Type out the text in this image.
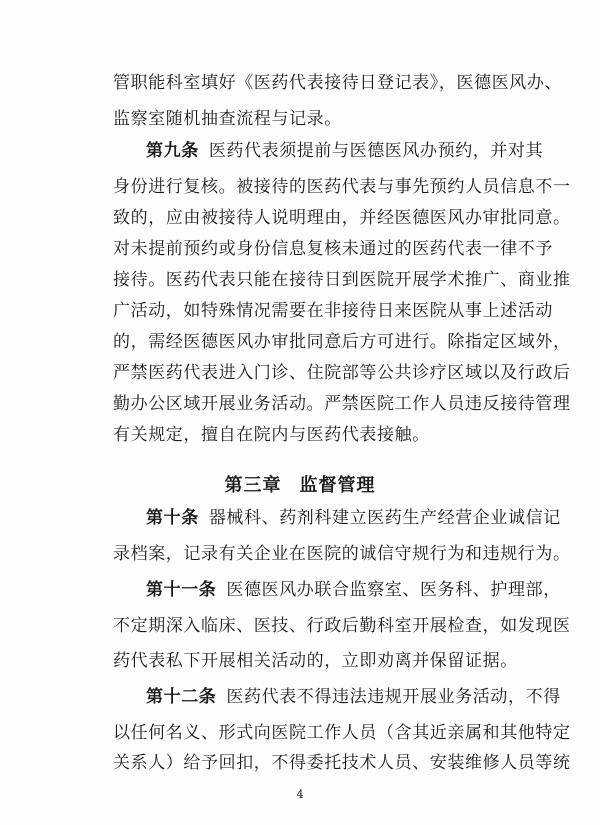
管职能科室填好《医药代表接待日登记表》，医德医风办、
监察室随机抽查流程与记录。
第九条 医药代表须提前与医德医风办预约，并对其
身份进行复核。被接待的医药代表与事先预约人员信息不一
致的，应由被接待人说明理由，并经医德医风办审批同意。
对未提前预约或身份信息复核未通过的医药代表一律不予
接待。医药代表只能在接待日到医院开展学术推广、商业推
广活动，如特殊情况需要在非接待日来医院从事上述活动
的，需经医德医风办审批同意后方可进行。除指定区域外，
严禁医药代表进入门诊、住院部等公共诊疗区域以及行政后
勤办公区域开展业务活动。严禁医院工作人员违反接待管理
第三章 监督管理
第十条 器械科、药剂科建立医药生产经营企业诚信记
录档案，记录有关企业在医院的诚信守规行为和违规行为。
第十一条 医德医风办联合监察室、医务科、护理部，
不定期深入临床、医技、行政后勤科室开展检查，如发现医
药代表私下开展相关活动的，立即劝离并保留证据。
第十二条 医药代表不得违法违规开展业务活动，不得
以任何名义、形式向医院工作人员（含其近亲属和其他特定
4
有关规定，擅自在院内与医药代表接触。
关系人）给予回扣，不得委托技术人员、安装维修人员等统
